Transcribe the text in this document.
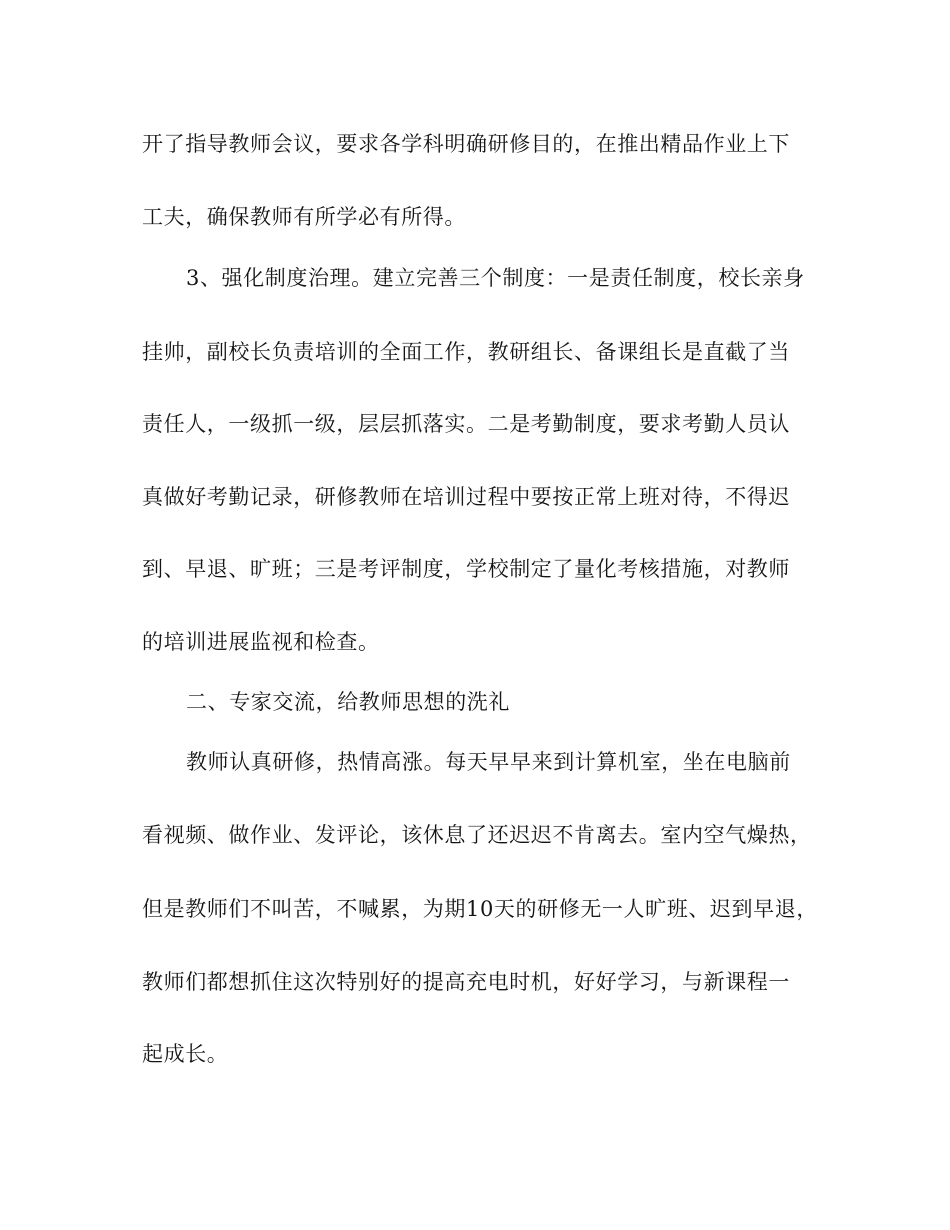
开了指导教师会议，要求各学科明确研修目的，在推出精品作业上下
工夫，确保教师有所学必有所得。
3、强化制度治理。建立完善三个制度：一是责任制度，校长亲身
挂帅，副校长负责培训的全面工作，教研组长、备课组长是直截了当
责任人，一级抓一级，层层抓落实。二是考勤制度，要求考勤人员认
真做好考勤记录，研修教师在培训过程中要按正常上班对待，不得迟
到、早退、旷班；三是考评制度，学校制定了量化考核措施，对教师
的培训进展监视和检查。
二、专家交流，给教师思想的洗礼
教师认真研修，热情高涨。每天早早来到计算机室，坐在电脑前
看视频、做作业、发评论，该休息了还迟迟不肯离去。室内空气燥热，
但是教师们不叫苦，不喊累，为期10天的研修无一人旷班、迟到早退，
教师们都想抓住这次特别好的提高充电时机，好好学习，与新课程一
起成长。
